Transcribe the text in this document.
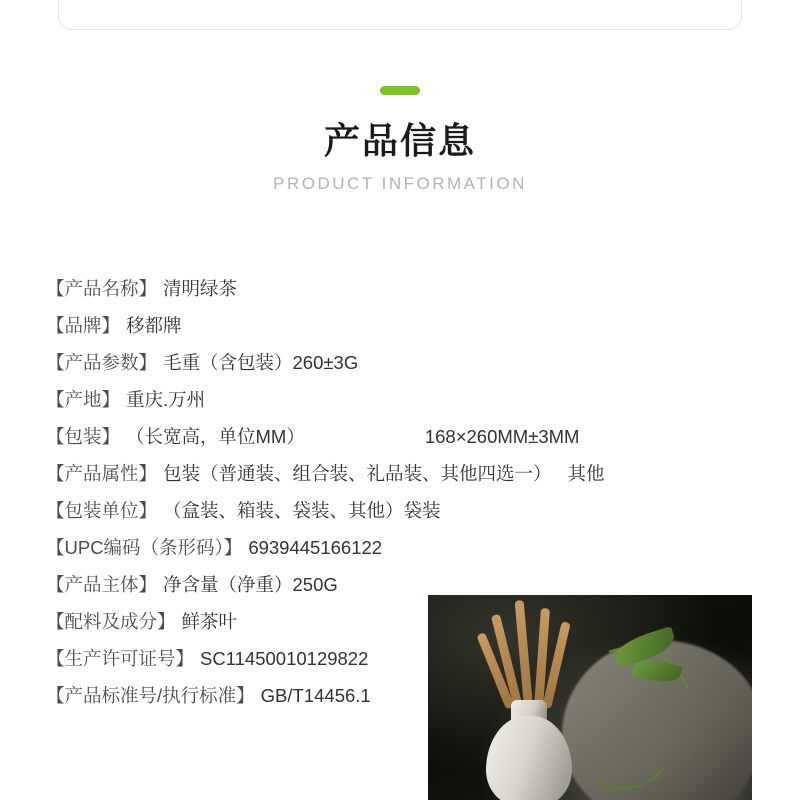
产品信息

PRODUCT INFORMATION

【产品名称】 清明绿茶
【品牌】 移都牌
【产品参数】 毛重（含包装）260±3G
【产地】 重庆.万州
【包装】 （长宽高，单位MM）	168×260MM±3MM
【产品属性】 包装（普通装、组合装、礼品装、其他四选一） 其他
【包装单位】 （盒装、箱装、袋装、其他）袋装
【UPC编码（条形码）】 6939445166122
【产品主体】 净含量（净重）250G
【配料及成分】 鲜茶叶
【生产许可证号】 SC11450010129822
【产品标准号/执行标准】 GB/T14456.1
